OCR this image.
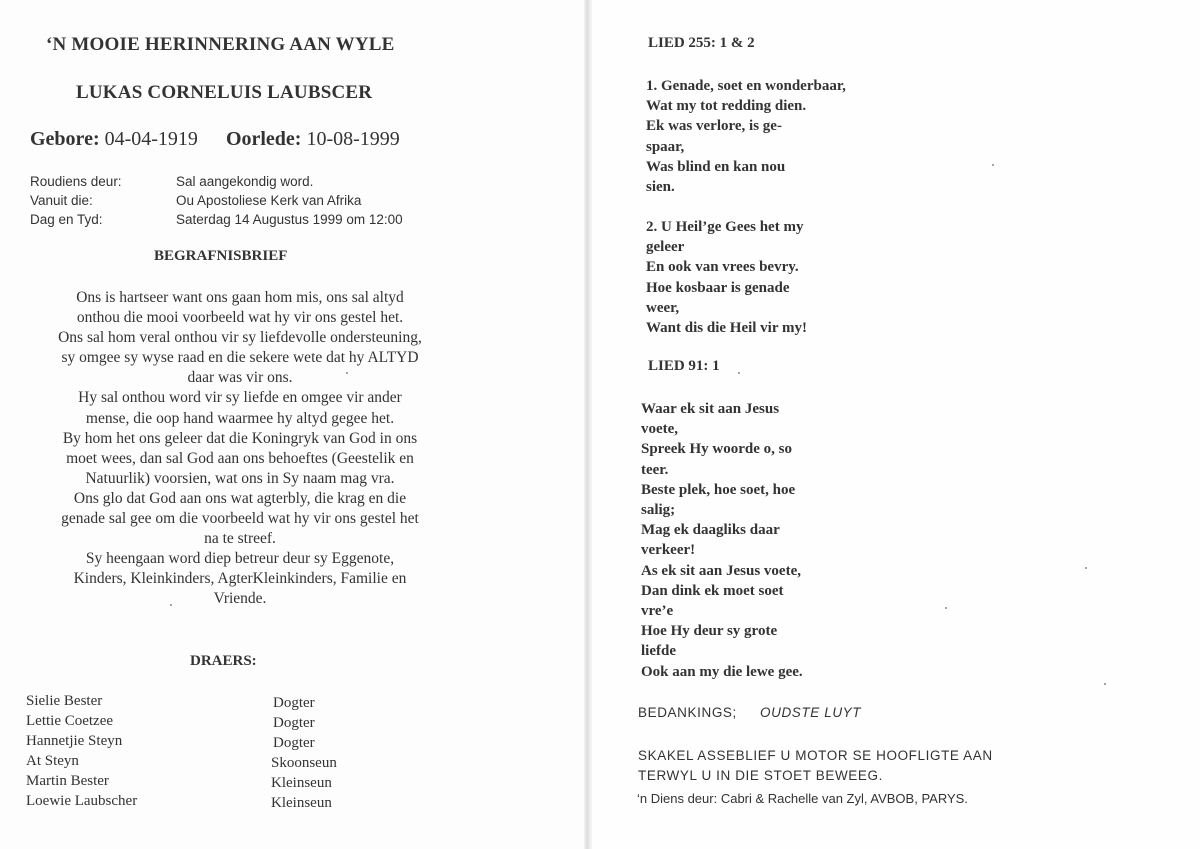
‘N MOOIE HERINNERING AAN WYLE
LUKAS CORNELUIS LAUBSCER
Gebore: 04-04-1919 Oorlede: 10-08-1999
Roudiens deur:	Sal aangekondig word.
Vanuit die:	Ou Apostoliese Kerk van Afrika
Dag en Tyd:	Saterdag 14 Augustus 1999 om 12:00
BEGRAFNISBRIEF
Ons is hartseer want ons gaan hom mis, ons sal altyd
onthou die mooi voorbeeld wat hy vir ons gestel het.
Ons sal hom veral onthou vir sy liefdevolle ondersteuning,
sy omgee sy wyse raad en die sekere wete dat hy ALTYD
daar was vir ons.
Hy sal onthou word vir sy liefde en omgee vir ander
mense, die oop hand waarmee hy altyd gegee het.
By hom het ons geleer dat die Koningryk van God in ons
moet wees, dan sal God aan ons behoeftes (Geestelik en
Natuurlik) voorsien, wat ons in Sy naam mag vra.
Ons glo dat God aan ons wat agterbly, die krag en die
genade sal gee om die voorbeeld wat hy vir ons gestel het
na te streef.
Sy heengaan word diep betreur deur sy Eggenote,
Kinders, Kleinkinders, AgterKleinkinders, Familie en
Vriende.
DRAERS:
Sielie Bester	Dogter
Lettie Coetzee	Dogter
Hannetjie Steyn	Dogter
At Steyn	Skoonseun
Martin Bester	Kleinseun
Loewie Laubscher	Kleinseun
LIED 255: 1 & 2
1. Genade, soet en wonderbaar,
Wat my tot redding dien.
Ek was verlore, is ge-
spaar,
Was blind en kan nou
sien.
2. U Heil’ge Gees het my
geleer
En ook van vrees bevry.
Hoe kosbaar is genade
weer,
Want dis die Heil vir my!
LIED 91: 1
Waar ek sit aan Jesus
voete,
Spreek Hy woorde o, so
teer.
Beste plek, hoe soet, hoe
salig;
Mag ek daagliks daar
verkeer!
As ek sit aan Jesus voete,
Dan dink ek moet soet
vre’e
Hoe Hy deur sy grote
liefde
Ook aan my die lewe gee.
BEDANKINGS; OUDSTE LUYT
SKAKEL ASSEBLIEF U MOTOR SE HOOFLIGTE AAN
TERWYL U IN DIE STOET BEWEEG.
‘n Diens deur: Cabri & Rachelle van Zyl, AVBOB, PARYS.
